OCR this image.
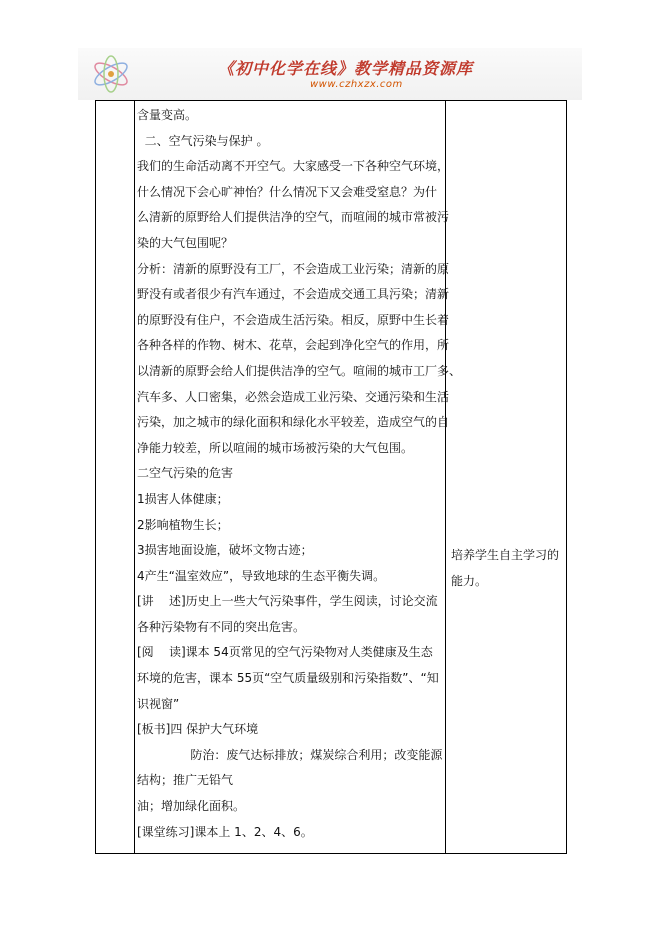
《初中化学在线》教学精品资源库
www.czhxzx.com
含量变高。
二、空气污染与保护 。
我们的生命活动离不开空气。大家感受一下各种空气环境，
什么情况下会心旷神怡？什么情况下又会难受窒息？为什
么清新的原野给人们提供洁净的空气，而喧闹的城市常被污
染的大气包围呢？
分析：清新的原野没有工厂，不会造成工业污染；清新的原
野没有或者很少有汽车通过，不会造成交通工具污染；清新
的原野没有住户，不会造成生活污染。相反，原野中生长着
各种各样的作物、树木、花草，会起到净化空气的作用，所
以清新的原野会给人们提供洁净的空气。喧闹的城市工厂多、
汽车多、人口密集，必然会造成工业污染、交通污染和生活
污染，加之城市的绿化面积和绿化水平较差，造成空气的自
净能力较差，所以喧闹的城市场被污染的大气包围。
二空气污染的危害
1损害人体健康；
2影响植物生长；
3损害地面设施，破坏文物古迹；
4产生“温室效应”，导致地球的生态平衡失调。
[讲    述]历史上一些大气污染事件，学生阅读，讨论交流
各种污染物有不同的突出危害。
[阅    读]课本 54页常见的空气污染物对人类健康及生态
环境的危害，课本 55页“空气质量级别和污染指数”、“知
识视窗”
[板书]四 保护大气环境
防治：废气达标排放；煤炭综合利用；改变能源
结构；推广无铅气
油；增加绿化面积。
[课堂练习]课本上 1、2、4、6。
培养学生自主学习的
能力。
